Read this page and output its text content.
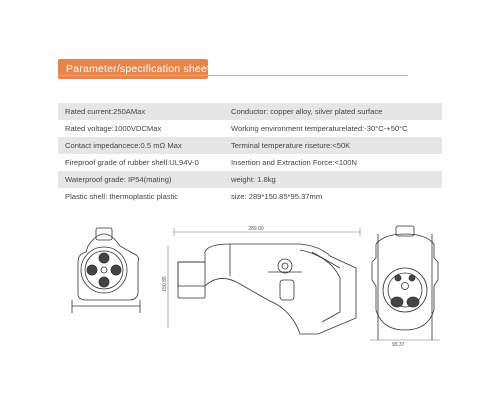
Parameter/specification sheet
Rated current:250AMax	Conductor: copper alloy, silver plated surface
Rated voltage:1000VDCMax	Working environment temperaturelated:-30°C-+50°C
Contact impedancece:0.5 mΩ Max	Terminal temperature riseture:<50K
Fireproof grade of rubber shell:UL94V-0	Insertion and Extraction Force:<100N
Waterproof grade: IP54(mating)	weight: 1.8kg
Plastic shell: thermoplastic plastic	size: 289*150.85*95.37mm
289.00
150.85
95.37
